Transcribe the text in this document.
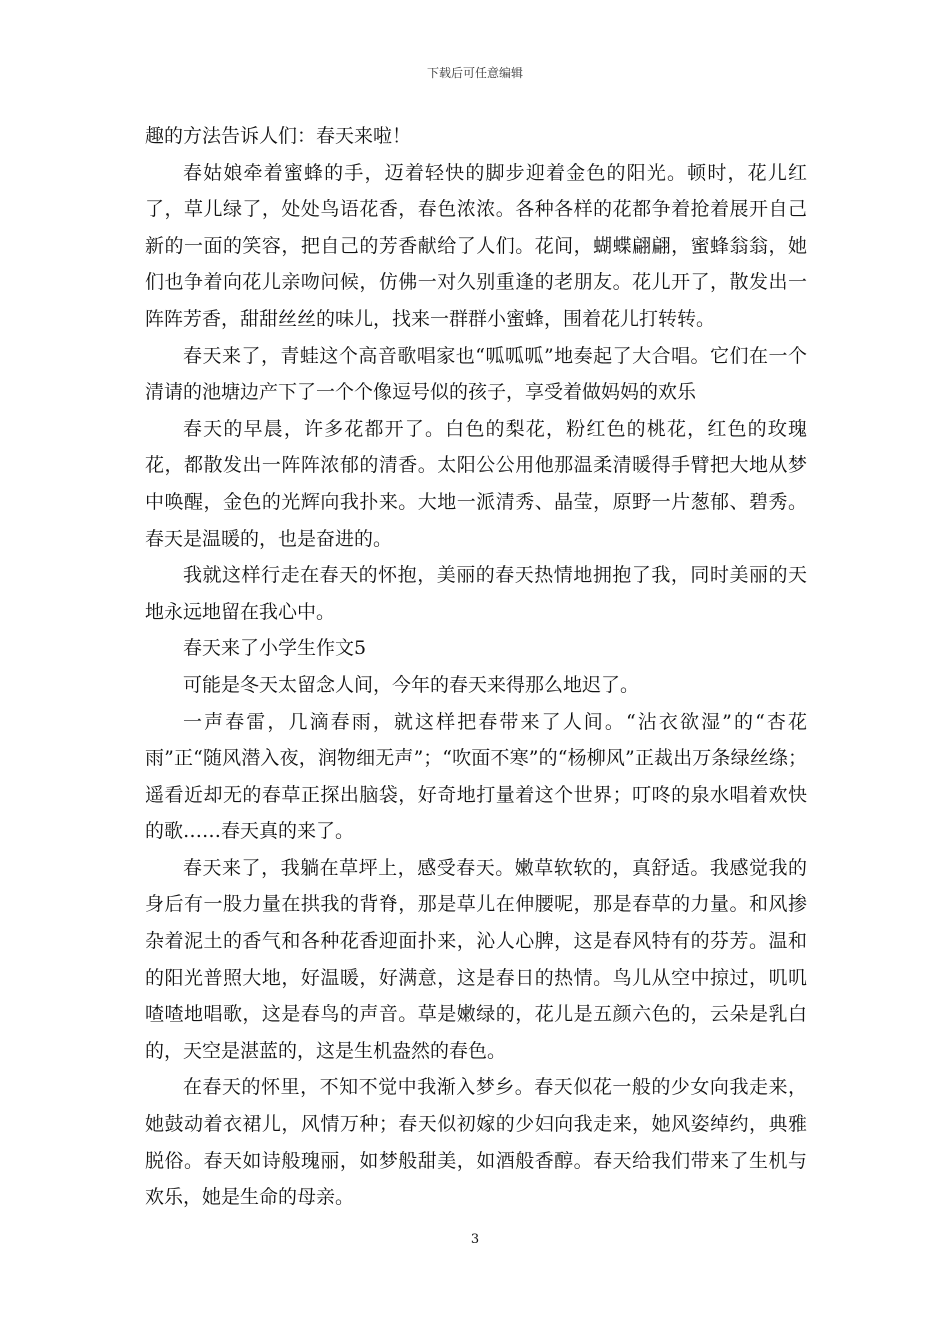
下载后可任意编辑

趣的方法告诉人们：春天来啦！

春姑娘牵着蜜蜂的手，迈着轻快的脚步迎着金色的阳光。顿时，花儿红了，草儿绿了，处处鸟语花香，春色浓浓。各种各样的花都争着抢着展开自己新的一面的笑容，把自己的芳香献给了人们。花间，蝴蝶翩翩，蜜蜂翁翁，她们也争着向花儿亲吻问候，仿佛一对久别重逢的老朋友。花儿开了，散发出一阵阵芳香，甜甜丝丝的味儿，找来一群群小蜜蜂，围着花儿打转转。

春天来了，青蛙这个高音歌唱家也“呱呱呱”地奏起了大合唱。它们在一个清请的池塘边产下了一个个像逗号似的孩子，享受着做妈妈的欢乐

春天的早晨，许多花都开了。白色的梨花，粉红色的桃花，红色的玫瑰花，都散发出一阵阵浓郁的清香。太阳公公用他那温柔清暖得手臂把大地从梦中唤醒，金色的光辉向我扑来。大地一派清秀、晶莹，原野一片葱郁、碧秀。春天是温暖的，也是奋进的。

我就这样行走在春天的怀抱，美丽的春天热情地拥抱了我，同时美丽的天地永远地留在我心中。

春天来了小学生作文5

可能是冬天太留念人间，今年的春天来得那么地迟了。

一声春雷，几滴春雨，就这样把春带来了人间。“沾衣欲湿”的“杏花雨”正“随风潜入夜，润物细无声”；“吹面不寒”的“杨柳风”正裁出万条绿丝绦；遥看近却无的春草正探出脑袋，好奇地打量着这个世界；叮咚的泉水唱着欢快的歌……春天真的来了。

春天来了，我躺在草坪上，感受春天。嫩草软软的，真舒适。我感觉我的身后有一股力量在拱我的背脊，那是草儿在伸腰呢，那是春草的力量。和风掺杂着泥土的香气和各种花香迎面扑来，沁人心脾，这是春风特有的芬芳。温和的阳光普照大地，好温暖，好满意，这是春日的热情。鸟儿从空中掠过，叽叽喳喳地唱歌，这是春鸟的声音。草是嫩绿的，花儿是五颜六色的，云朵是乳白的，天空是湛蓝的，这是生机盎然的春色。

在春天的怀里，不知不觉中我渐入梦乡。春天似花一般的少女向我走来，她鼓动着衣裙儿，风情万种；春天似初嫁的少妇向我走来，她风姿绰约，典雅脱俗。春天如诗般瑰丽，如梦般甜美，如酒般香醇。春天给我们带来了生机与欢乐，她是生命的母亲。

3
